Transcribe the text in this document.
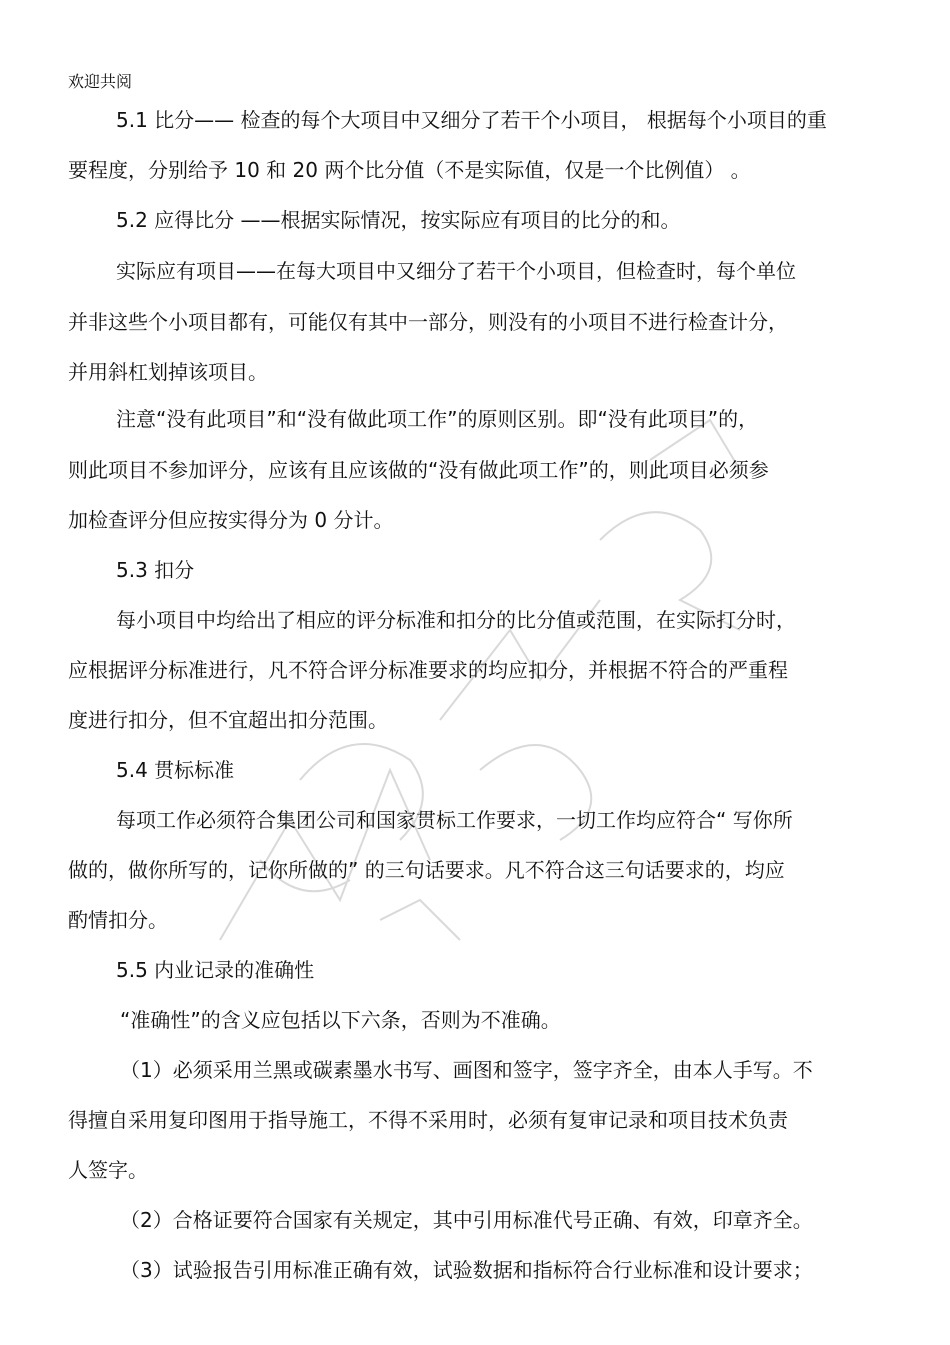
欢迎共阅
5.1 比分—— 检查的每个大项目中又细分了若干个小项目， 根据每个小项目的重
要程度，分别给予 10 和 20 两个比分值（不是实际值，仅是一个比例值） 。
5.2 应得比分 ——根据实际情况，按实际应有项目的比分的和。
实际应有项目——在每大项目中又细分了若干个小项目，但检查时，每个单位
并非这些个小项目都有，可能仅有其中一部分，则没有的小项目不进行检查计分，
并用斜杠划掉该项目。
注意“没有此项目”和“没有做此项工作”的原则区别。即“没有此项目”的，
则此项目不参加评分，应该有且应该做的“没有做此项工作”的，则此项目必须参
加检查评分但应按实得分为 0 分计。
5.3 扣分
每小项目中均给出了相应的评分标准和扣分的比分值或范围，在实际打分时，
应根据评分标准进行，凡不符合评分标准要求的均应扣分，并根据不符合的严重程
度进行扣分，但不宜超出扣分范围。
5.4 贯标标准
每项工作必须符合集团公司和国家贯标工作要求，一切工作均应符合“ 写你所
做的，做你所写的，记你所做的” 的三句话要求。凡不符合这三句话要求的，均应
酌情扣分。
5.5 内业记录的准确性
“准确性”的含义应包括以下六条，否则为不准确。
（1）必须采用兰黑或碳素墨水书写、画图和签字，签字齐全，由本人手写。不
得擅自采用复印图用于指导施工，不得不采用时，必须有复审记录和项目技术负责
人签字。
（2）合格证要符合国家有关规定，其中引用标准代号正确、有效，印章齐全。
（3）试验报告引用标准正确有效，试验数据和指标符合行业标准和设计要求；
